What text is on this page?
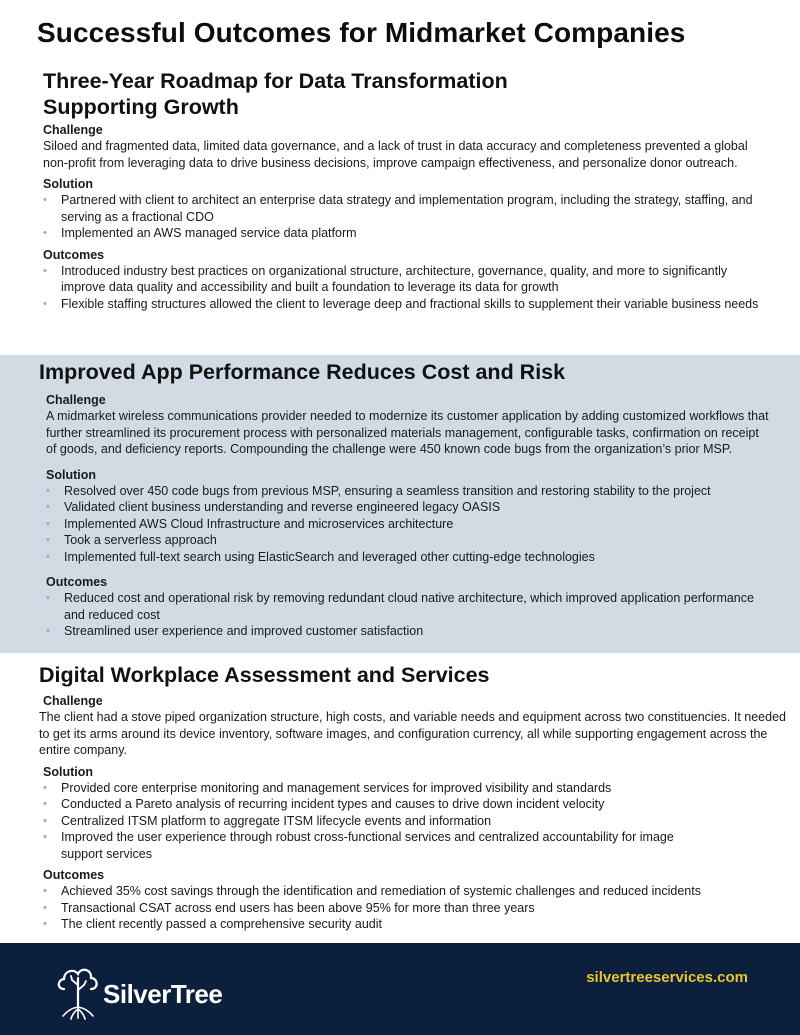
Successful Outcomes for Midmarket Companies
Three-Year Roadmap for Data Transformation
Supporting Growth
Challenge

Siloed and fragmented data, limited data governance, and a lack of trust in data accuracy and completeness prevented a global non-profit from leveraging data to drive business decisions, improve campaign effectiveness, and personalize donor outreach.

Solution
• Partnered with client to architect an enterprise data strategy and implementation program, including the strategy, staffing, and serving as a fractional CDO
• Implemented an AWS managed service data platform
Outcomes
• Introduced industry best practices on organizational structure, architecture, governance, quality, and more to significantly improve data quality and accessibility and built a foundation to leverage its data for growth
• Flexible staffing structures allowed the client to leverage deep and fractional skills to supplement their variable business needs
Improved App Performance Reduces Cost and Risk
Challenge

A midmarket wireless communications provider needed to modernize its customer application by adding customized workflows that further streamlined its procurement process with personalized materials management, configurable tasks, confirmation on receipt of goods, and deficiency reports. Compounding the challenge were 450 known code bugs from the organization’s prior MSP.

Solution
• Resolved over 450 code bugs from previous MSP, ensuring a seamless transition and restoring stability to the project
• Validated client business understanding and reverse engineered legacy OASIS
• Implemented AWS Cloud Infrastructure and microservices architecture
• Took a serverless approach
• Implemented full-text search using ElasticSearch and leveraged other cutting-edge technologies
Outcomes
• Reduced cost and operational risk by removing redundant cloud native architecture, which improved application performance and reduced cost
• Streamlined user experience and improved customer satisfaction
Digital Workplace Assessment and Services
Challenge

The client had a stove piped organization structure, high costs, and variable needs and equipment across two constituencies. It needed to get its arms around its device inventory, software images, and configuration currency, all while supporting engagement across the entire company.

Solution
• Provided core enterprise monitoring and management services for improved visibility and standards
• Conducted a Pareto analysis of recurring incident types and causes to drive down incident velocity
• Centralized ITSM platform to aggregate ITSM lifecycle events and information
• Improved the user experience through robust cross-functional services and centralized accountability for image support services
Outcomes
• Achieved 35% cost savings through the identification and remediation of systemic challenges and reduced incidents
• Transactional CSAT across end users has been above 95% for more than three years
• The client recently passed a comprehensive security audit
SilverTree
silvertreeservices.com
